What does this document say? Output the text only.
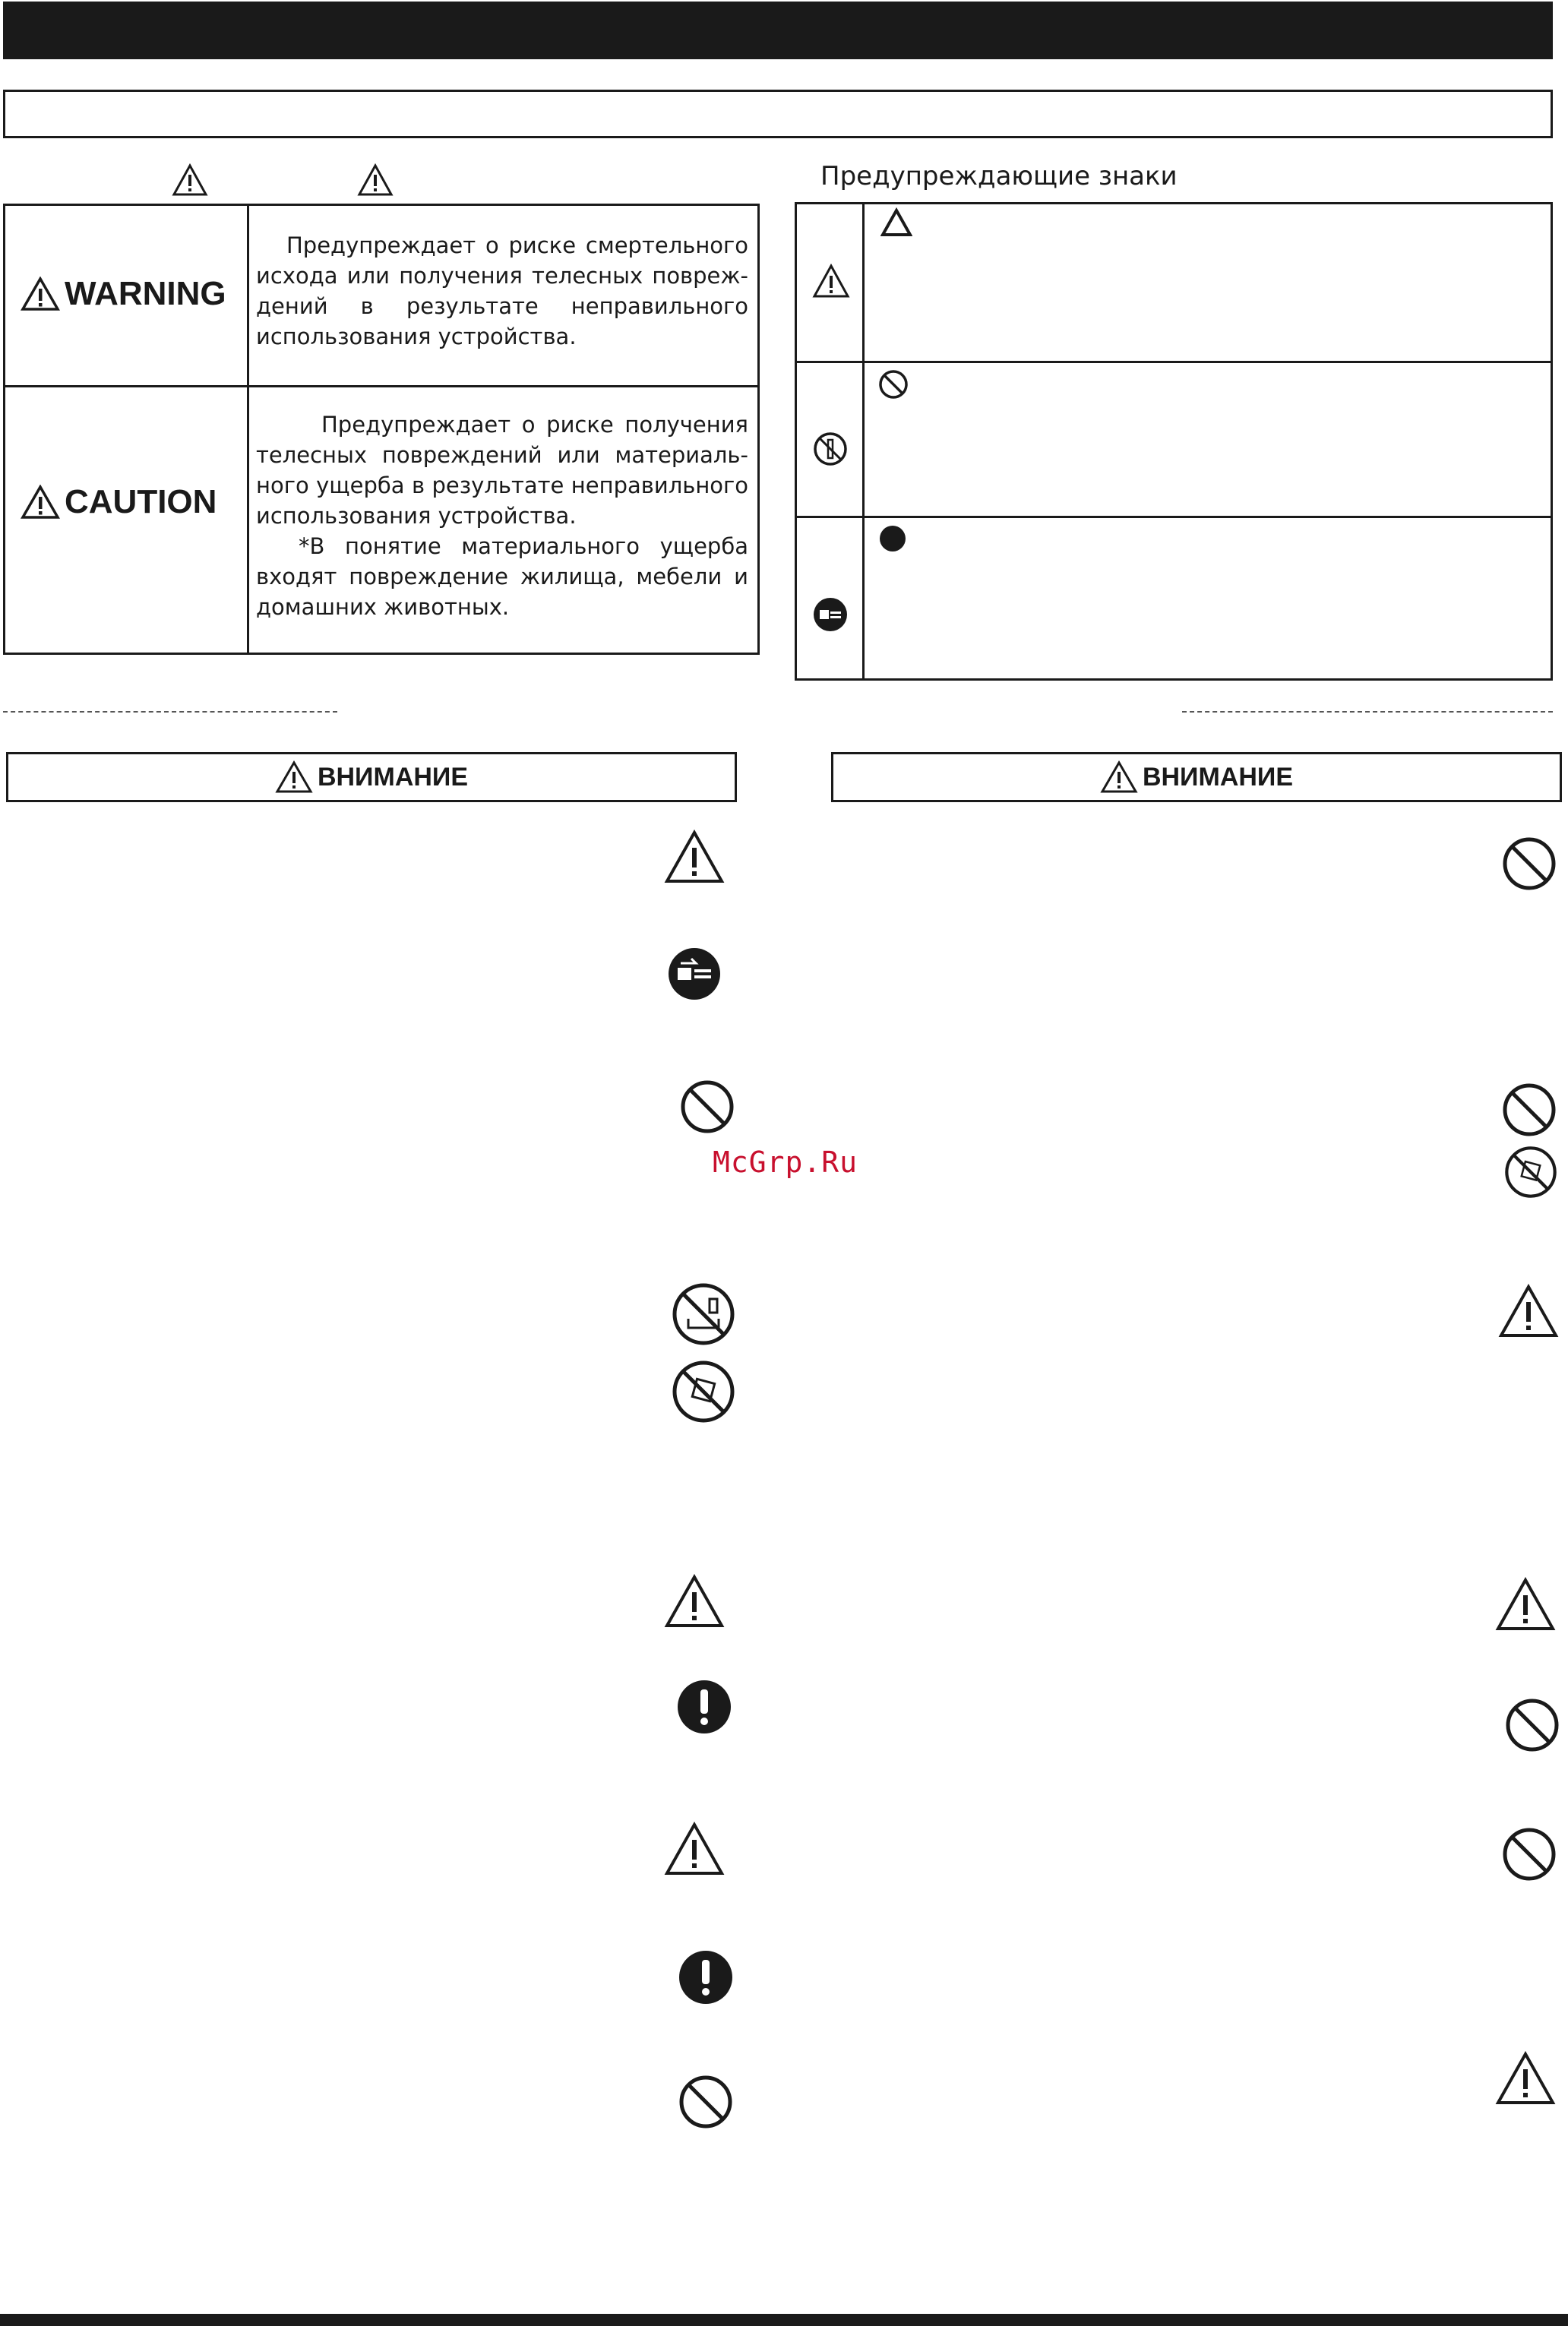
WARNING
Предупреждает о риске смертельного исхода или получения телесных повреждений в результате неправильного использования устройства.
CAUTION
Предупреждает о риске получения телесных повреждений или материального ущерба в результате неправильного использования устройства.
*В понятие материального ущерба входят повреждение жилища, мебели и домашних животных.
Предупреждающие знаки
ВНИМАНИЕ	ВНИМАНИЕ
McGrp.Ru
